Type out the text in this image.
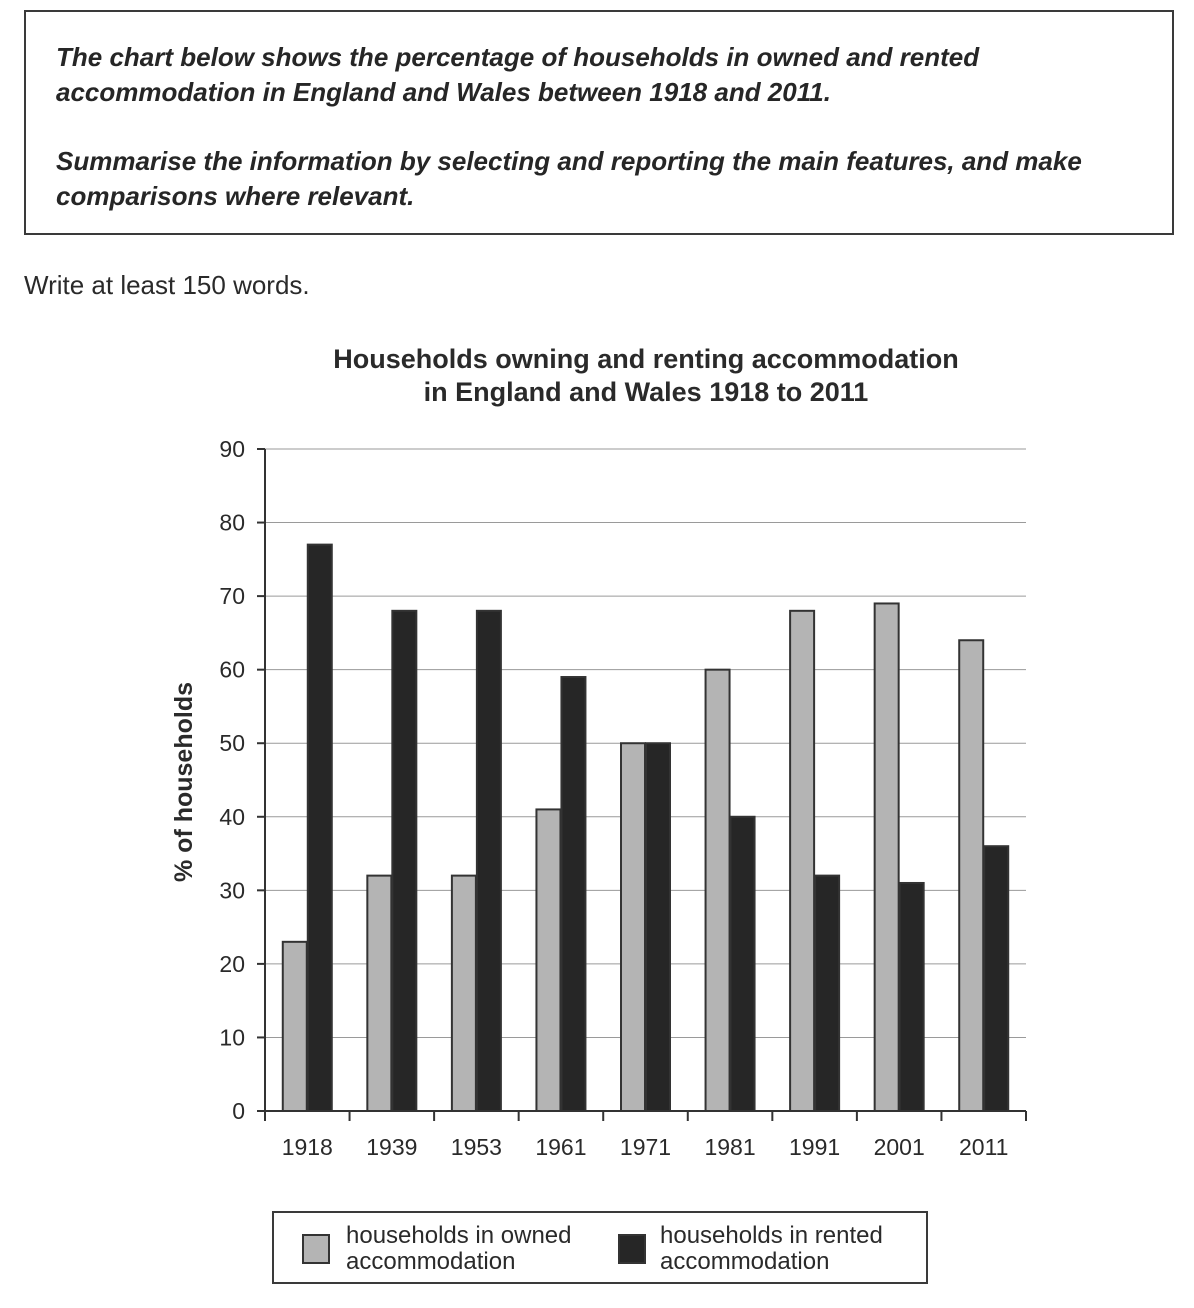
The chart below shows the percentage of households in owned and rented accommodation in England and Wales between 1918 and 2011.

Summarise the information by selecting and reporting the main features, and make comparisons where relevant.

Write at least 150 words.

Households owning and renting accommodation
in England and Wales 1918 to 2011
0
10
20
30
40
50
60
70
80
90
% of households
1918 1939 1953 1961 1971 1981 1991 2001 2011
households in owned
accommodation
households in rented
accommodation
